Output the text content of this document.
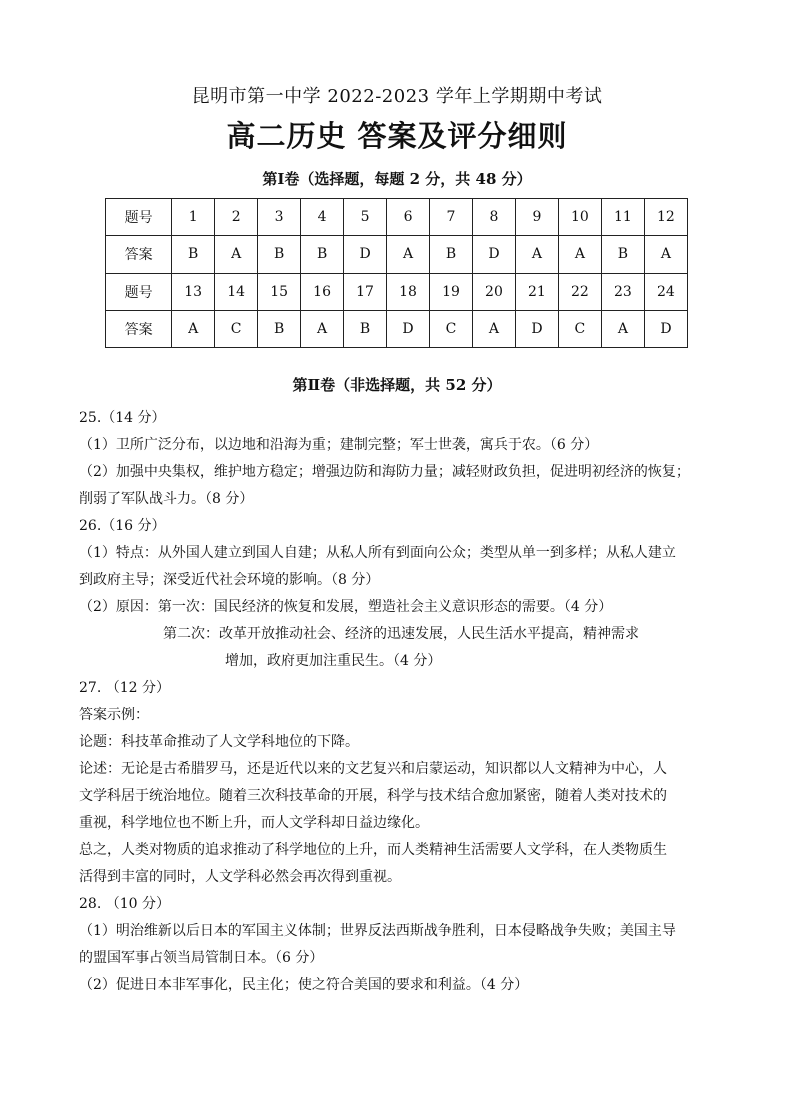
昆明市第一中学 2022-2023 学年上学期期中考试
高二历史 答案及评分细则
第Ⅰ卷（选择题，每题 2 分，共 48 分）
题号	1	2	3	4	5	6	7	8	9	10	11	12
答案	B	A	B	B	D	A	B	D	A	A	B	A
题号	13	14	15	16	17	18	19	20	21	22	23	24
答案	A	C	B	A	B	D	C	A	D	C	A	D
第Ⅱ卷（非选择题，共 52 分）

25.（14 分）

（1）卫所广泛分布，以边地和沿海为重；建制完整；军士世袭，寓兵于农。（6 分）

（2）加强中央集权，维护地方稳定；增强边防和海防力量；减轻财政负担，促进明初经济的恢复；

削弱了军队战斗力。（8 分）

26.（16 分）

（1）特点：从外国人建立到国人自建；从私人所有到面向公众；类型从单一到多样；从私人建立

到政府主导；深受近代社会环境的影响。（8 分）

（2）原因：第一次：国民经济的恢复和发展，塑造社会主义意识形态的需要。（4 分）

第二次：改革开放推动社会、经济的迅速发展，人民生活水平提高，精神需求

增加，政府更加注重民生。（4 分）

27. （12 分）

答案示例：

论题：科技革命推动了人文学科地位的下降。

论述：无论是古希腊罗马，还是近代以来的文艺复兴和启蒙运动，知识都以人文精神为中心，人

文学科居于统治地位。随着三次科技革命的开展，科学与技术结合愈加紧密，随着人类对技术的

重视，科学地位也不断上升，而人文学科却日益边缘化。

总之，人类对物质的追求推动了科学地位的上升，而人类精神生活需要人文学科，在人类物质生

活得到丰富的同时，人文学科必然会再次得到重视。

28. （10 分）

（1）明治维新以后日本的军国主义体制；世界反法西斯战争胜利，日本侵略战争失败；美国主导

的盟国军事占领当局管制日本。（6 分）

（2）促进日本非军事化，民主化；使之符合美国的要求和利益。（4 分）
